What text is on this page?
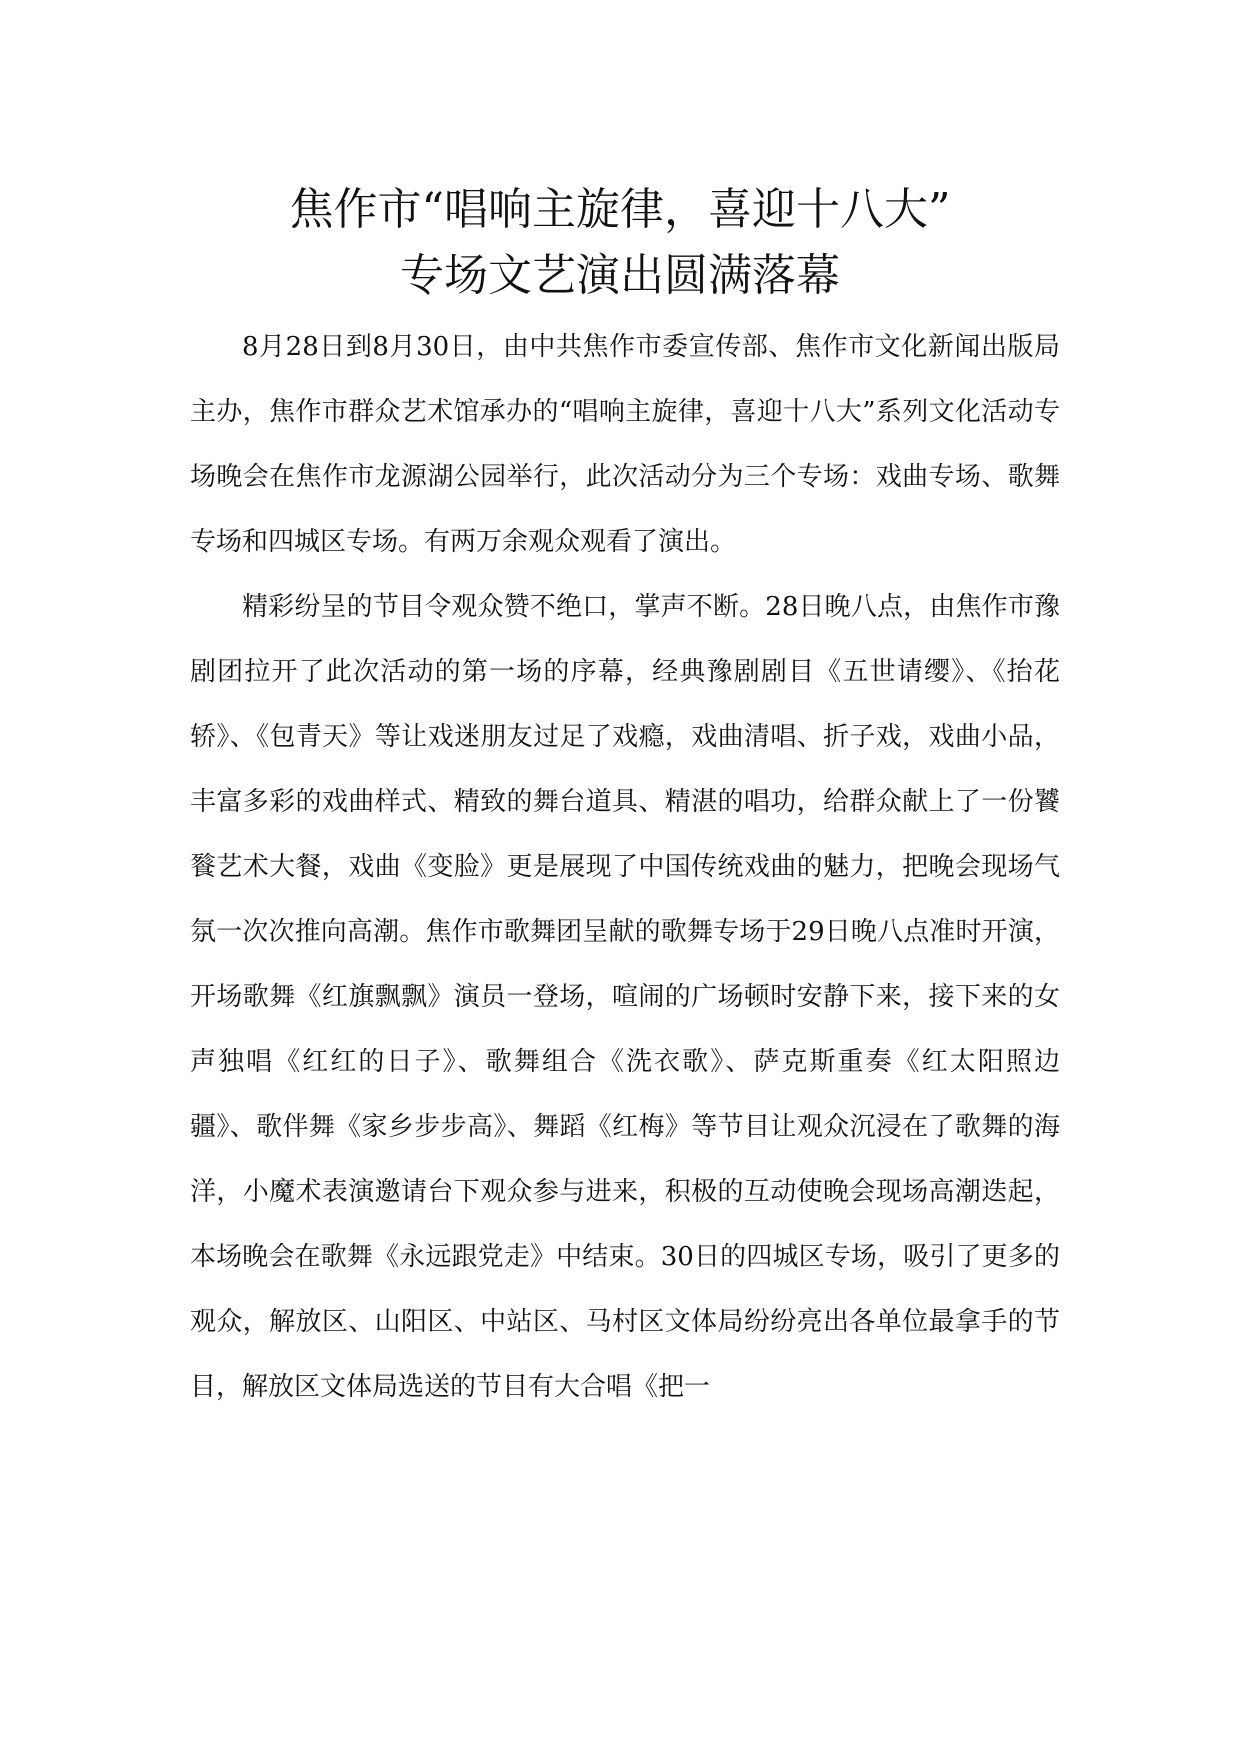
焦作市“唱响主旋律，喜迎十八大”
专场文艺演出圆满落幕

8月28日到8月30日，由中共焦作市委宣传部、焦作市文化新闻出版局主办，焦作市群众艺术馆承办的“唱响主旋律，喜迎十八大”系列文化活动专场晚会在焦作市龙源湖公园举行，此次活动分为三个专场：戏曲专场、歌舞专场和四城区专场。有两万余观众观看了演出。

精彩纷呈的节目令观众赞不绝口，掌声不断。28日晚八点，由焦作市豫剧团拉开了此次活动的第一场的序幕，经典豫剧剧目《五世请缨》、《抬花轿》、《包青天》等让戏迷朋友过足了戏瘾，戏曲清唱、折子戏，戏曲小品，丰富多彩的戏曲样式、精致的舞台道具、精湛的唱功，给群众献上了一份饕餮艺术大餐，戏曲《变脸》更是展现了中国传统戏曲的魅力，把晚会现场气氛一次次推向高潮。焦作市歌舞团呈献的歌舞专场于29日晚八点准时开演，开场歌舞《红旗飘飘》演员一登场，喧闹的广场顿时安静下来，接下来的女声独唱《红红的日子》、歌舞组合《洗衣歌》、萨克斯重奏《红太阳照边疆》、歌伴舞《家乡步步高》、舞蹈《红梅》等节目让观众沉浸在了歌舞的海洋，小魔术表演邀请台下观众参与进来，积极的互动使晚会现场高潮迭起，本场晚会在歌舞《永远跟党走》中结束。30日的四城区专场，吸引了更多的观众，解放区、山阳区、中站区、马村区文体局纷纷亮出各单位最拿手的节目，解放区文体局选送的节目有大合唱《把一
